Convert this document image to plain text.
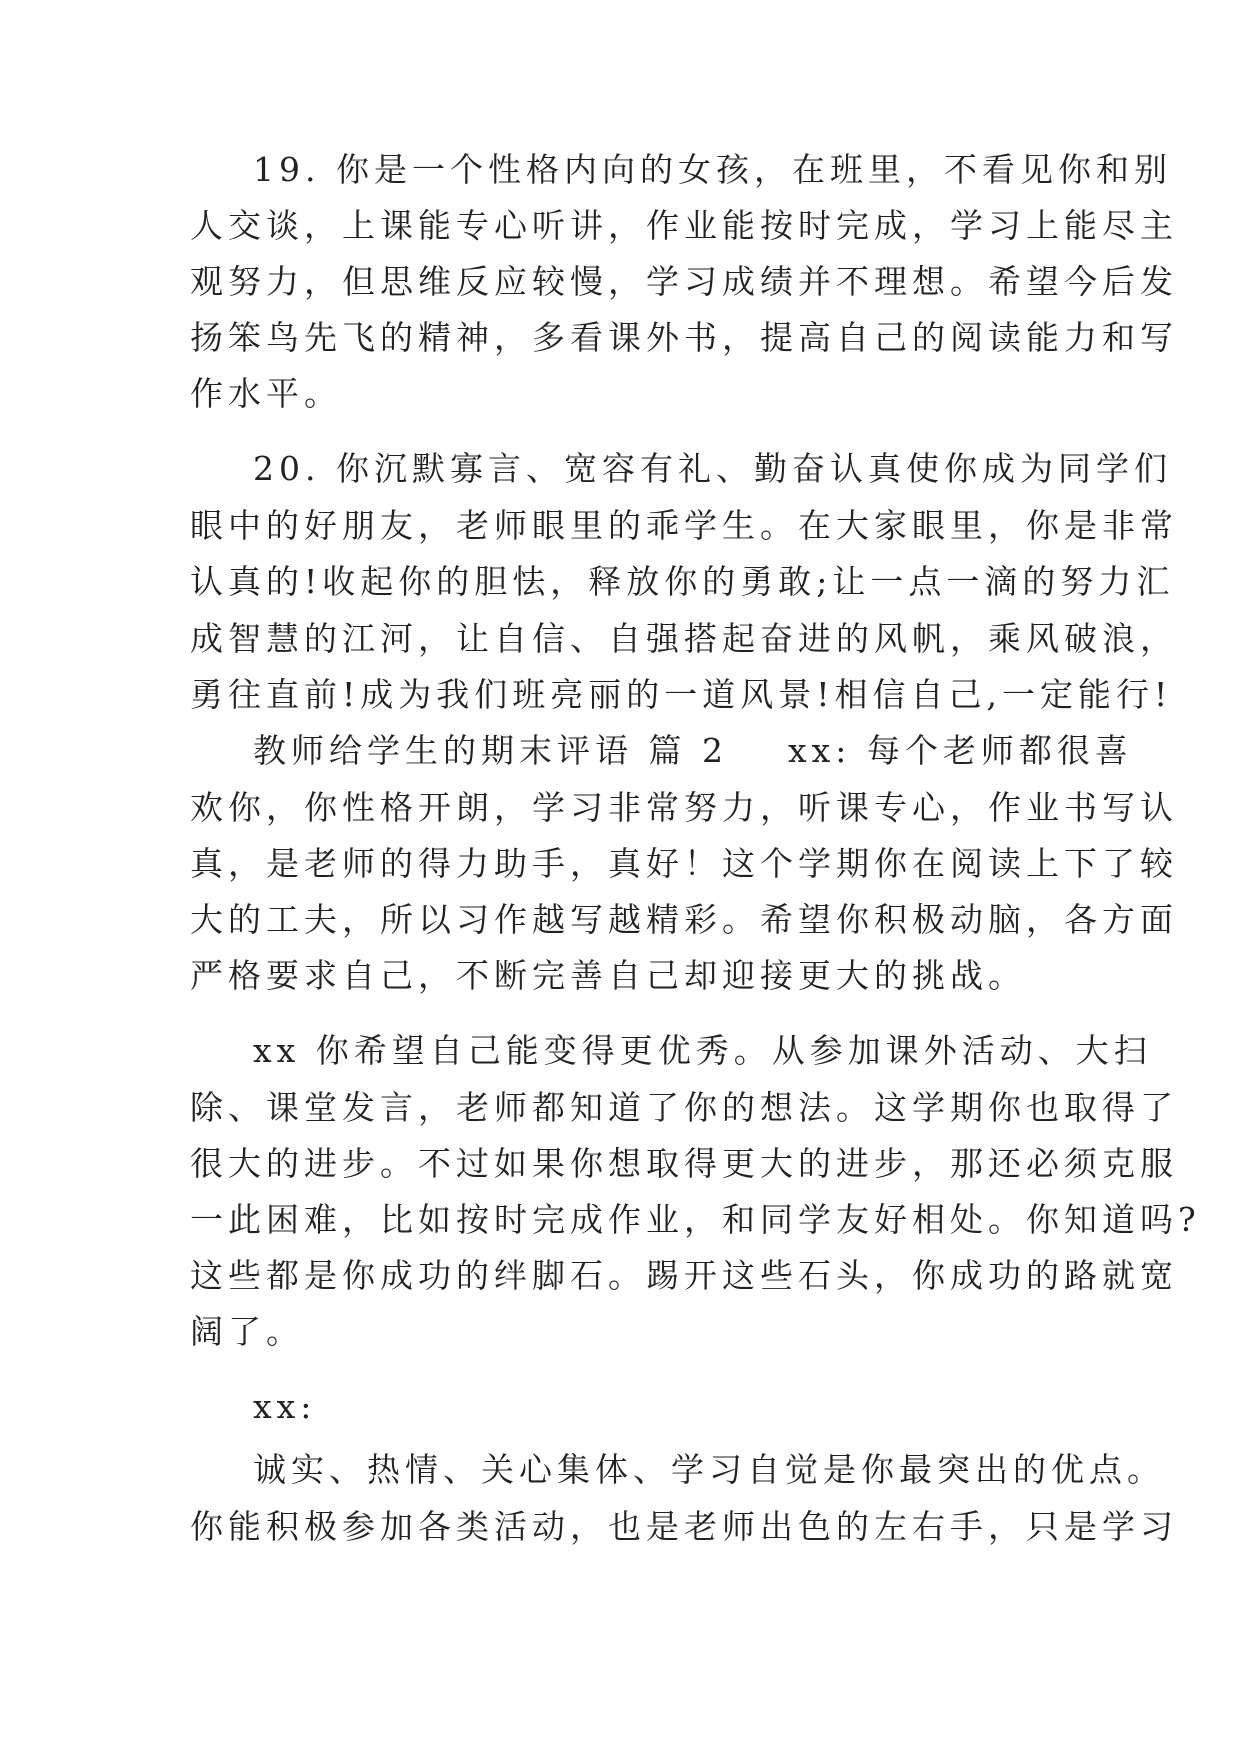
19. 你是一个性格内向的女孩，在班里，不看见你和别
人交谈，上课能专心听讲，作业能按时完成，学习上能尽主
观努力，但思维反应较慢，学习成绩并不理想。希望今后发
扬笨鸟先飞的精神，多看课外书，提高自己的阅读能力和写
作水平。
20. 你沉默寡言、宽容有礼、勤奋认真使你成为同学们
眼中的好朋友，老师眼里的乖学生。在大家眼里，你是非常
认真的!收起你的胆怯，释放你的勇敢;让一点一滴的努力汇
成智慧的江河，让自信、自强搭起奋进的风帆，乘风破浪，
勇往直前!成为我们班亮丽的一道风景!相信自己,一定能行!
教师给学生的期末评语 篇 2 xx: 每个老师都很喜
欢你，你性格开朗，学习非常努力，听课专心，作业书写认
真，是老师的得力助手，真好！这个学期你在阅读上下了较
大的工夫，所以习作越写越精彩。希望你积极动脑，各方面
严格要求自己，不断完善自己却迎接更大的挑战。
xx 你希望自己能变得更优秀。从参加课外活动、大扫
除、课堂发言，老师都知道了你的想法。这学期你也取得了
很大的进步。不过如果你想取得更大的进步，那还必须克服
一此困难，比如按时完成作业，和同学友好相处。你知道吗?
这些都是你成功的绊脚石。踢开这些石头，你成功的路就宽
阔了。
xx:
诚实、热情、关心集体、学习自觉是你最突出的优点。
你能积极参加各类活动，也是老师出色的左右手，只是学习
